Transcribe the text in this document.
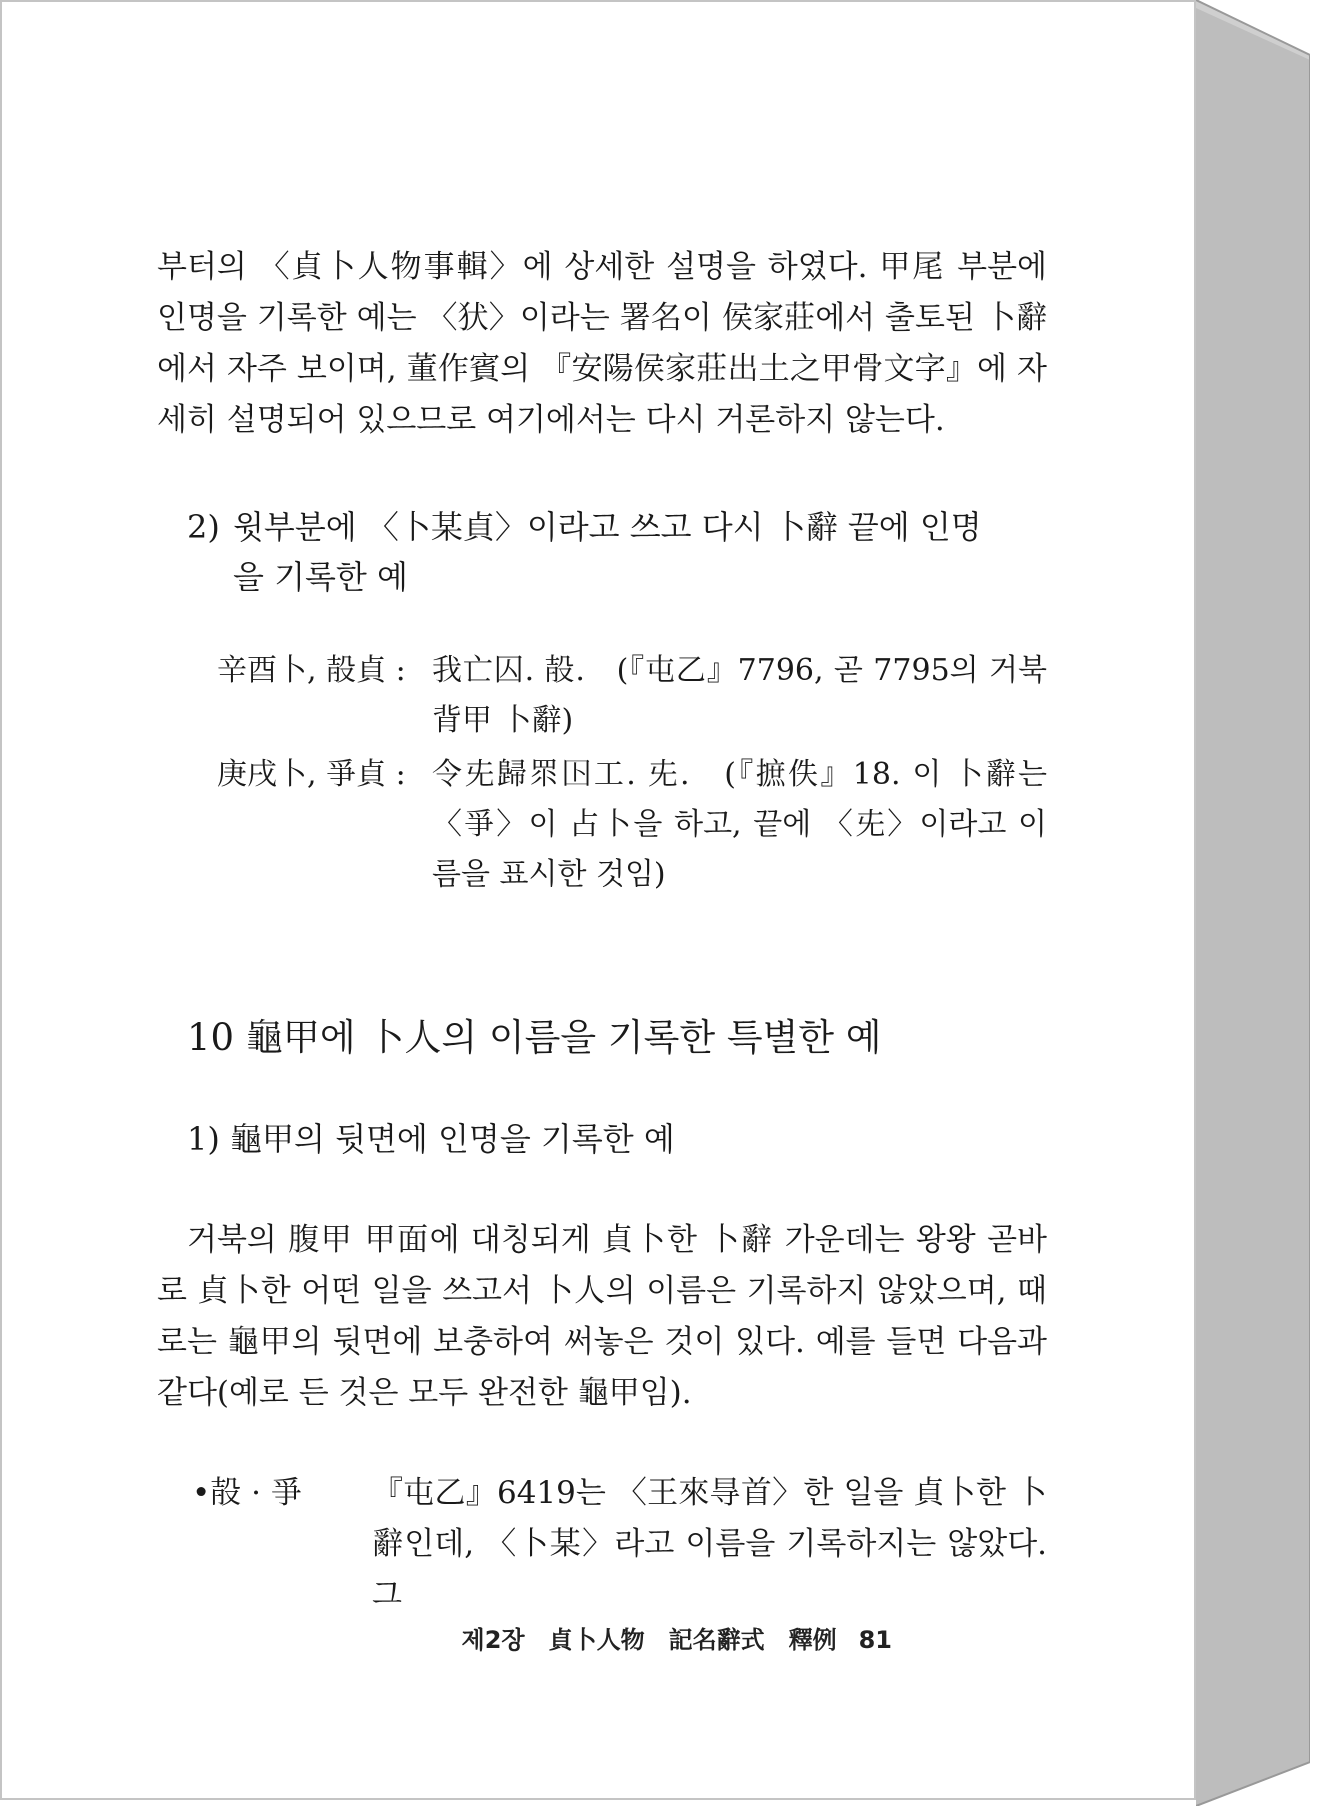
부터의 〈貞卜人物事輯〉에 상세한 설명을 하였다. 甲尾 부분에 인명을 기록한 예는 〈犾〉이라는 署名이 侯家莊에서 출토된 卜辭에서 자주 보이며, 董作賓의 『安陽侯家莊出土之甲骨文字』에 자세히 설명되어 있으므로 여기에서는 다시 거론하지 않는다.
2) 윗부분에 〈卜某貞〉이라고 쓰고 다시 卜辭 끝에 인명
을 기록한 예
辛酉卜, 㱿貞 : 我亡囚. 㱿.　(『屯乙』7796, 곧 7795의 거북 背甲 卜辭)
庚戌卜, 爭貞 : 令兂歸眔𡆥工. 兂.　(『摭佚』18. 이 卜辭는 〈爭〉이 占卜을 하고, 끝에 〈兂〉이라고 이름을 표시한 것임)
10 龜甲에 卜人의 이름을 기록한 특별한 예
1) 龜甲의 뒷면에 인명을 기록한 예
거북의 腹甲 甲面에 대칭되게 貞卜한 卜辭 가운데는 왕왕 곧바로 貞卜한 어떤 일을 쓰고서 卜人의 이름은 기록하지 않았으며, 때로는 龜甲의 뒷면에 보충하여 써놓은 것이 있다. 예를 들면 다음과 같다(예로 든 것은 모두 완전한 龜甲임).
•㱿 · 爭	『屯乙』6419는 〈王來㝵首〉한 일을 貞卜한 卜辭인데, 〈卜某〉라고 이름을 기록하지는 않았다. 그
제2장　貞卜人物　記名辭式　釋例 81
